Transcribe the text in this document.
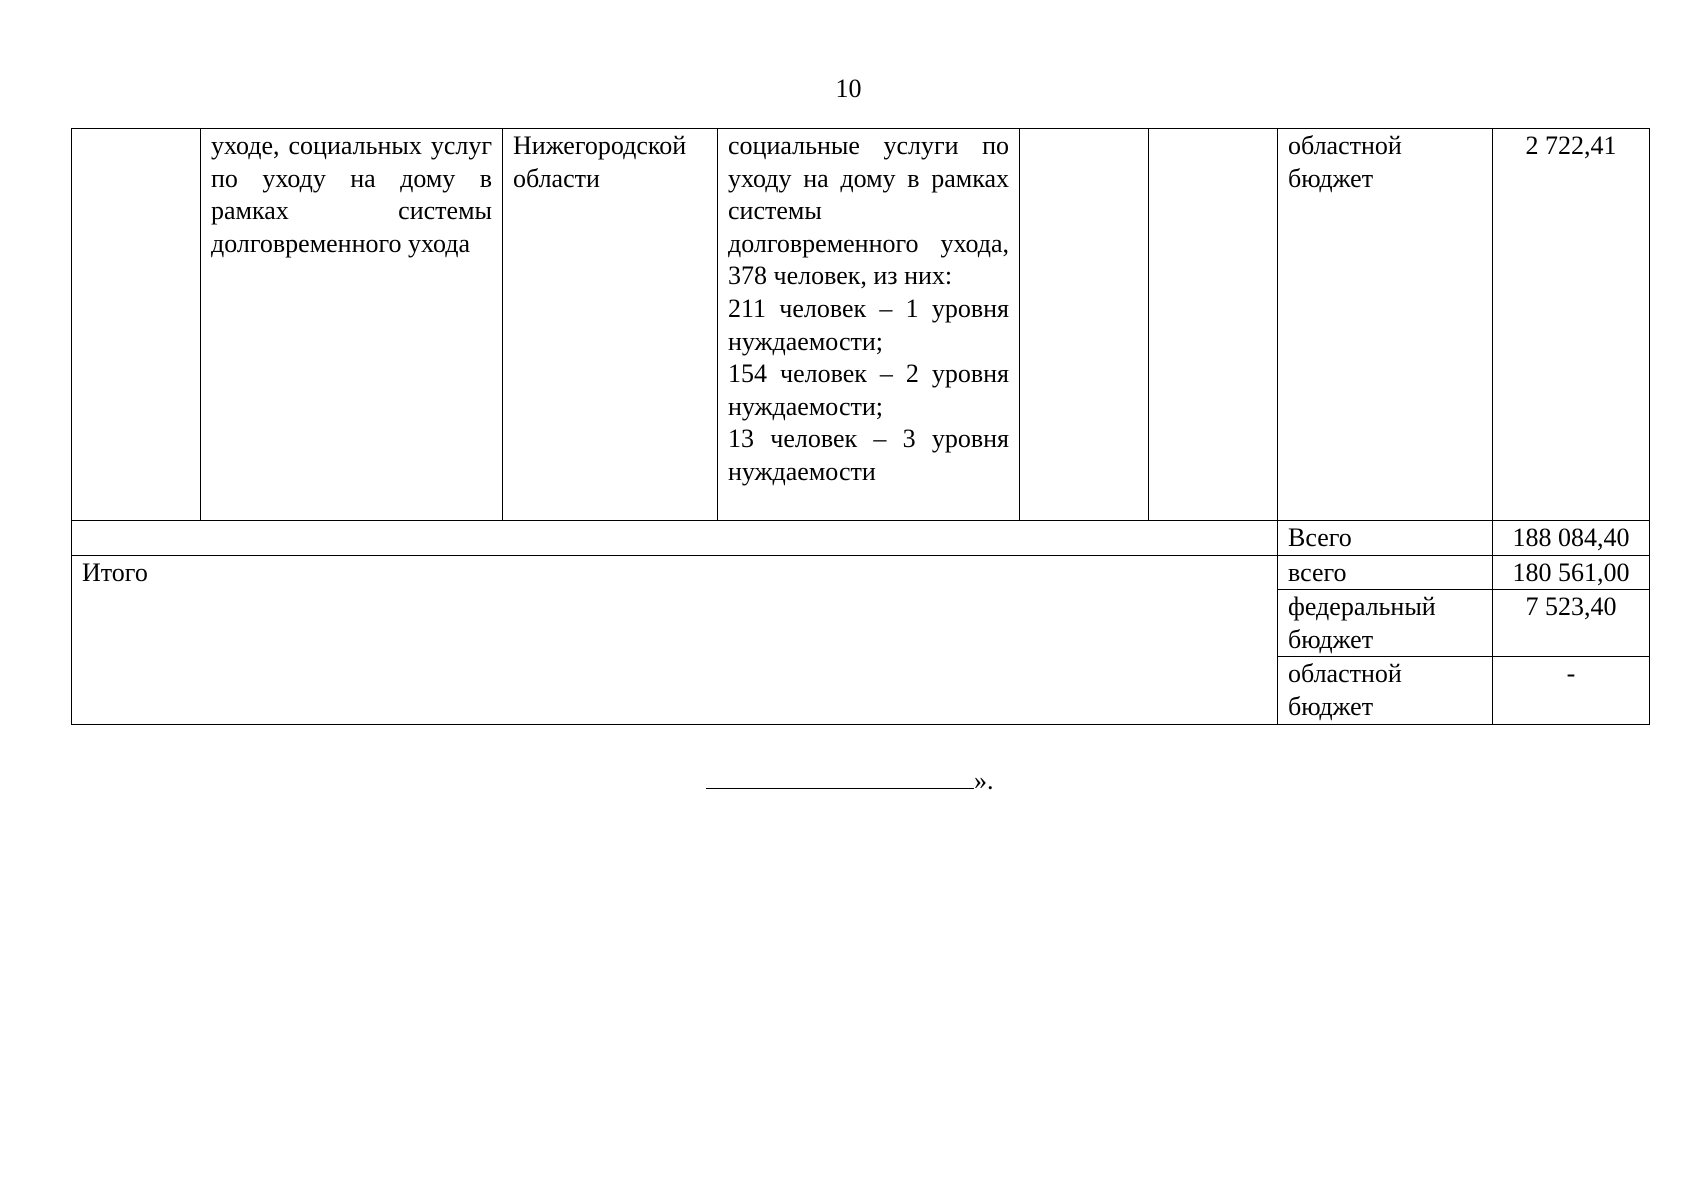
10
	уходе, социальных услуг по уходу на дому в рамках системы долговременного ухода	Нижегородской области	социальные услуги по уходу на дому в рамках системы долговременного ухода, 378 человек, из них:
211 человек – 1 уровня нуждаемости;
154 человек – 2 уровня нуждаемости;
13 человек – 3 уровня нуждаемости			областной бюджет	2 722,41
						Всего	188 084,40
Итого						всего	180 561,00
						федеральный бюджет	7 523,40
						областной бюджет	-
».
